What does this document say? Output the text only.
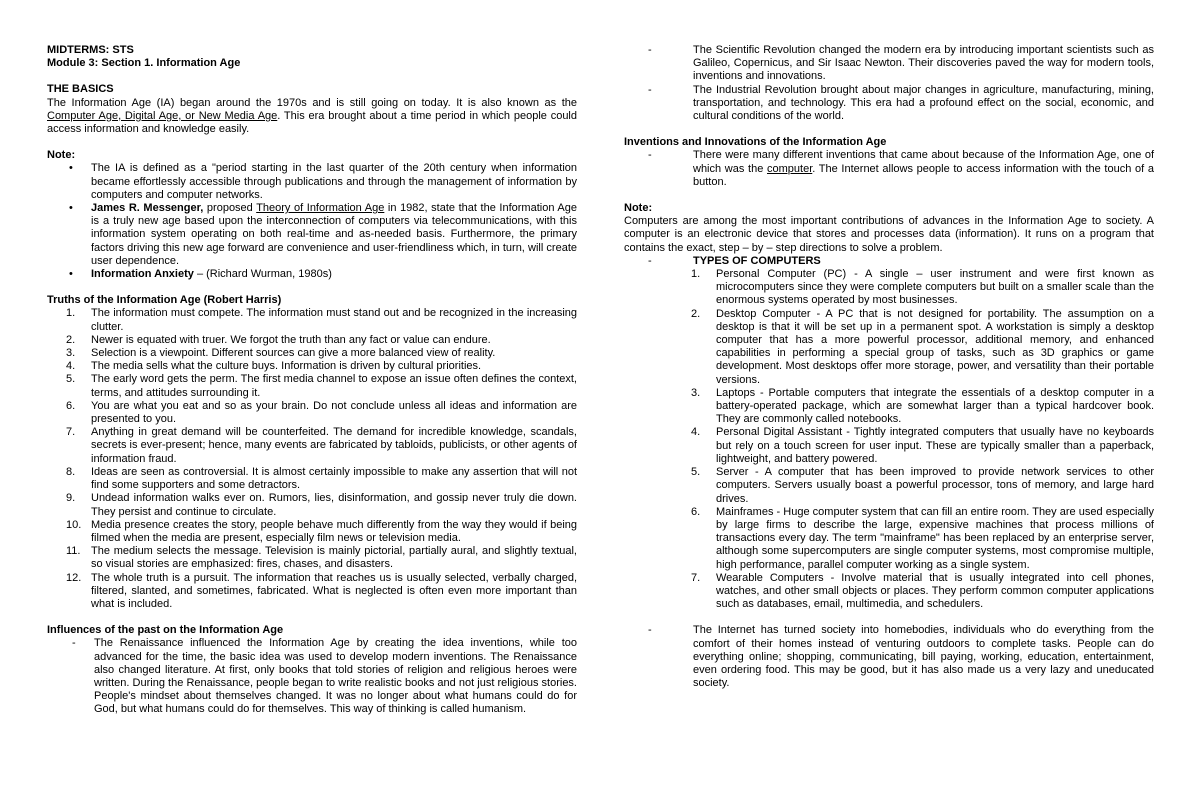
MIDTERMS: STS

Module 3: Section 1. Information Age

THE BASICS

The Information Age (IA) began around the 1970s and is still going on today. It is also known as the Computer Age, Digital Age, or New Media Age. This era brought about a time period in which people could access information and knowledge easily.

Note:

•	The IA is defined as a "period starting in the last quarter of the 20th century when information became effortlessly accessible through publications and through the management of information by computers and computer networks.
•	James R. Messenger, proposed Theory of Information Age in 1982, state that the Information Age is a truly new age based upon the interconnection of computers via telecommunications, with this information system operating on both real-time and as-needed basis. Furthermore, the primary factors driving this new age forward are convenience and user-friendliness which, in turn, will create user dependence.
•	Information Anxiety – (Richard Wurman, 1980s)

Truths of the Information Age (Robert Harris)

1.	The information must compete. The information must stand out and be recognized in the increasing clutter.
2.	Newer is equated with truer. We forgot the truth than any fact or value can endure.
3.	Selection is a viewpoint. Different sources can give a more balanced view of reality.
4.	The media sells what the culture buys. Information is driven by cultural priorities.
5.	The early word gets the perm. The first media channel to expose an issue often defines the context, terms, and attitudes surrounding it.
6.	You are what you eat and so as your brain. Do not conclude unless all ideas and information are presented to you.
7.	Anything in great demand will be counterfeited. The demand for incredible knowledge, scandals, secrets is ever-present; hence, many events are fabricated by tabloids, publicists, or other agents of information fraud.
8.	Ideas are seen as controversial. It is almost certainly impossible to make any assertion that will not find some supporters and some detractors.
9.	Undead information walks ever on. Rumors, lies, disinformation, and gossip never truly die down. They persist and continue to circulate.
10. Media presence creates the story, people behave much differently from the way they would if being filmed when the media are present, especially film news or television media.
11. The medium selects the message. Television is mainly pictorial, partially aural, and slightly textual, so visual stories are emphasized: fires, chases, and disasters.
12. The whole truth is a pursuit. The information that reaches us is usually selected, verbally charged, filtered, slanted, and sometimes, fabricated. What is neglected is often even more important than what is included.

Influences of the past on the Information Age

-	The Renaissance influenced the Information Age by creating the idea inventions, while too advanced for the time, the basic idea was used to develop modern inventions. The Renaissance also changed literature. At first, only books that told stories of religion and religious heroes were written. During the Renaissance, people began to write realistic books and not just religious stories. People's mindset about themselves changed. It was no longer about what humans could do for God, but what humans could do for themselves. This way of thinking is called humanism.
-	The Scientific Revolution changed the modern era by introducing important scientists such as Galileo, Copernicus, and Sir Isaac Newton. Their discoveries paved the way for modern tools, inventions and innovations.
-	The Industrial Revolution brought about major changes in agriculture, manufacturing, mining, transportation, and technology. This era had a profound effect on the social, economic, and cultural conditions of the world.

Inventions and Innovations of the Information Age

-	There were many different inventions that came about because of the Information Age, one of which was the computer. The Internet allows people to access information with the touch of a button.

Note:

Computers are among the most important contributions of advances in the Information Age to society. A computer is an electronic device that stores and processes data (information). It runs on a program that contains the exact, step – by – step directions to solve a problem.

-	TYPES OF COMPUTERS
1.	Personal Computer (PC) - A single – user instrument and were first known as microcomputers since they were complete computers but built on a smaller scale than the enormous systems operated by most businesses.
2.	Desktop Computer - A PC that is not designed for portability. The assumption on a desktop is that it will be set up in a permanent spot. A workstation is simply a desktop computer that has a more powerful processor, additional memory, and enhanced capabilities in performing a special group of tasks, such as 3D graphics or game development. Most desktops offer more storage, power, and versatility than their portable versions.
3.	Laptops - Portable computers that integrate the essentials of a desktop computer in a battery-operated package, which are somewhat larger than a typical hardcover book. They are commonly called notebooks.
4.	Personal Digital Assistant - Tightly integrated computers that usually have no keyboards but rely on a touch screen for user input. These are typically smaller than a paperback, lightweight, and battery powered.
5.	Server - A computer that has been improved to provide network services to other computers. Servers usually boast a powerful processor, tons of memory, and large hard drives.
6.	Mainframes - Huge computer system that can fill an entire room. They are used especially by large firms to describe the large, expensive machines that process millions of transactions every day. The term "mainframe" has been replaced by an enterprise server, although some supercomputers are single computer systems, most compromise multiple, high performance, parallel computer working as a single system.
7.	Wearable Computers - Involve material that is usually integrated into cell phones, watches, and other small objects or places. They perform common computer applications such as databases, email, multimedia, and schedulers.
-	The Internet has turned society into homebodies, individuals who do everything from the comfort of their homes instead of venturing outdoors to complete tasks. People can do everything online; shopping, communicating, bill paying, working, education, entertainment, even ordering food. This may be good, but it has also made us a very lazy and uneducated society.
